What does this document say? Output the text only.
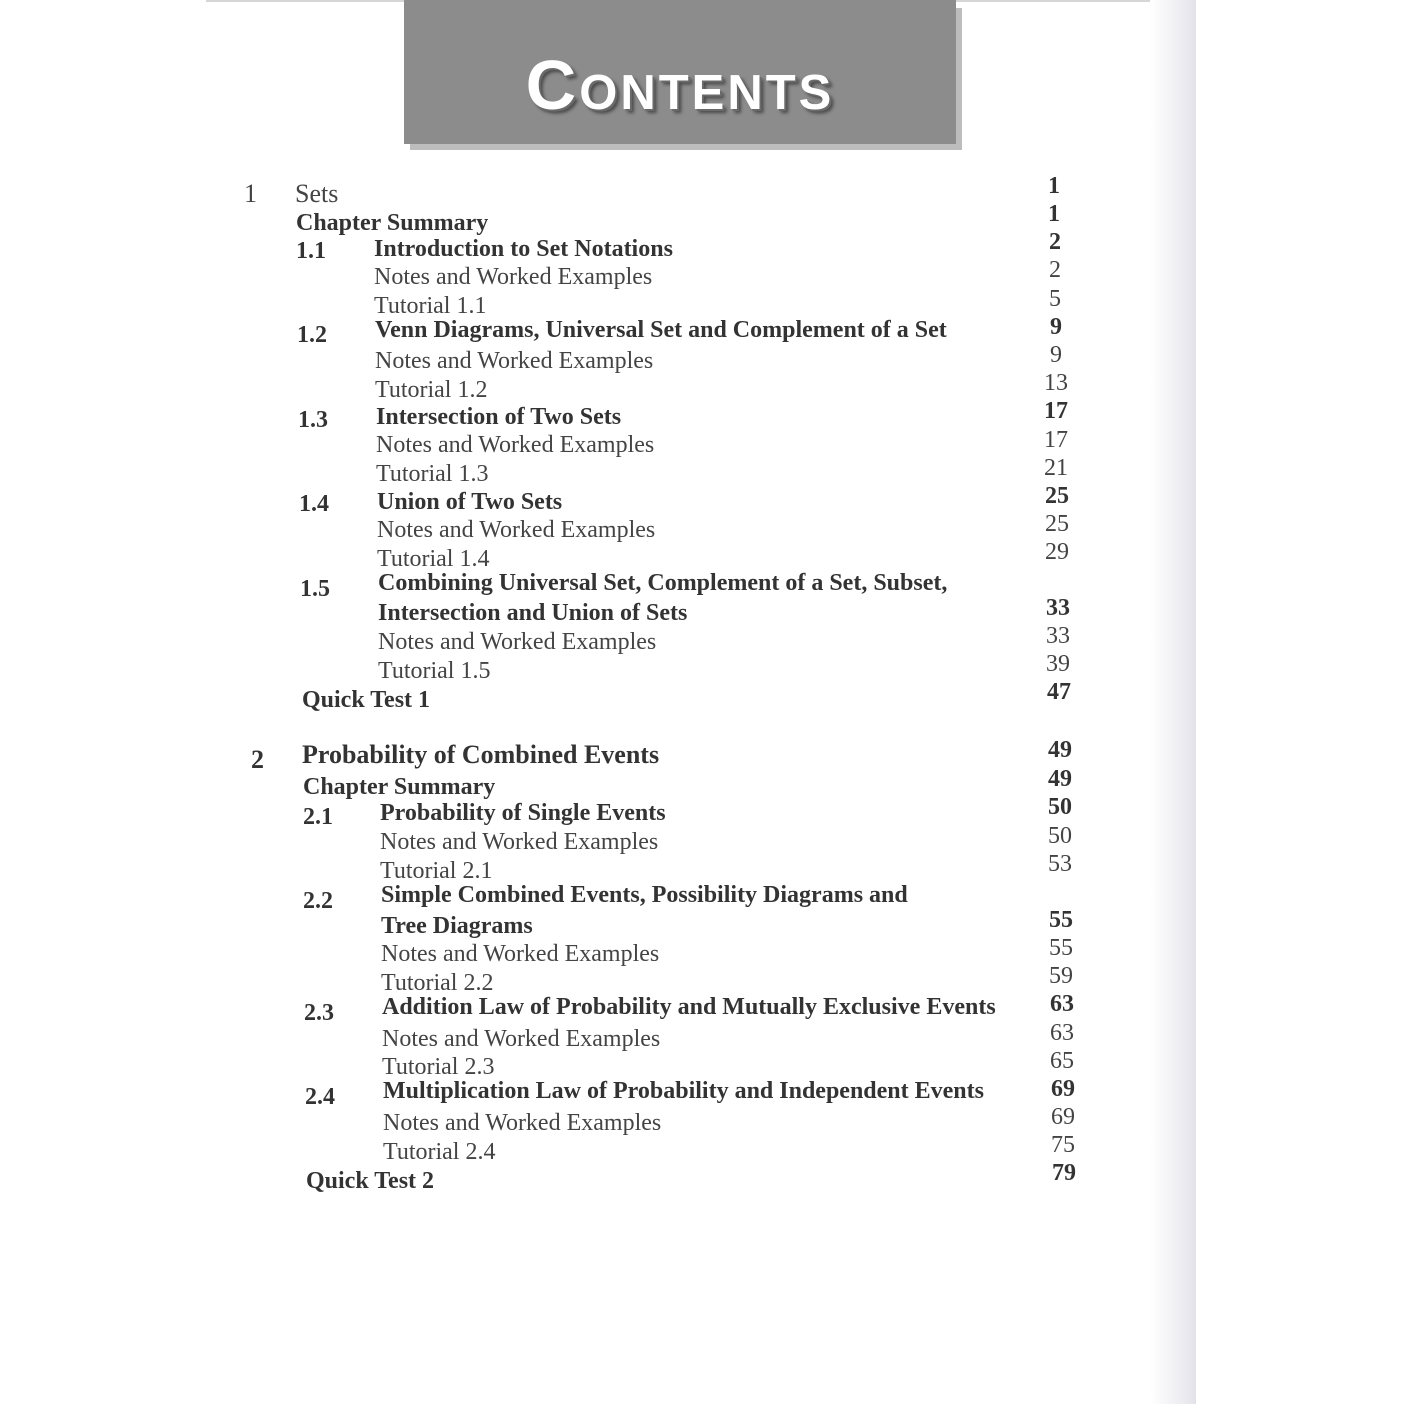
Contents
1 Sets	1
Chapter Summary	1
1.1 Introduction to Set Notations	2
Notes and Worked Examples	2
Tutorial 1.1	5
1.2 Venn Diagrams, Universal Set and Complement of a Set	9
Notes and Worked Examples	9
Tutorial 1.2	13
1.3 Intersection of Two Sets	17
Notes and Worked Examples	17
Tutorial 1.3	21
1.4 Union of Two Sets	25
Notes and Worked Examples	25
Tutorial 1.4	29
1.5 Combining Universal Set, Complement of a Set, Subset,
Intersection and Union of Sets	33
Notes and Worked Examples	33
Tutorial 1.5	39
Quick Test 1	47
2 Probability of Combined Events	49
Chapter Summary	49
2.1 Probability of Single Events	50
Notes and Worked Examples	50
Tutorial 2.1	53
2.2 Simple Combined Events, Possibility Diagrams and
Tree Diagrams	55
Notes and Worked Examples	55
Tutorial 2.2	59
2.3 Addition Law of Probability and Mutually Exclusive Events	63
Notes and Worked Examples	63
Tutorial 2.3	65
2.4 Multiplication Law of Probability and Independent Events	69
Notes and Worked Examples	69
Tutorial 2.4	75
Quick Test 2	79
